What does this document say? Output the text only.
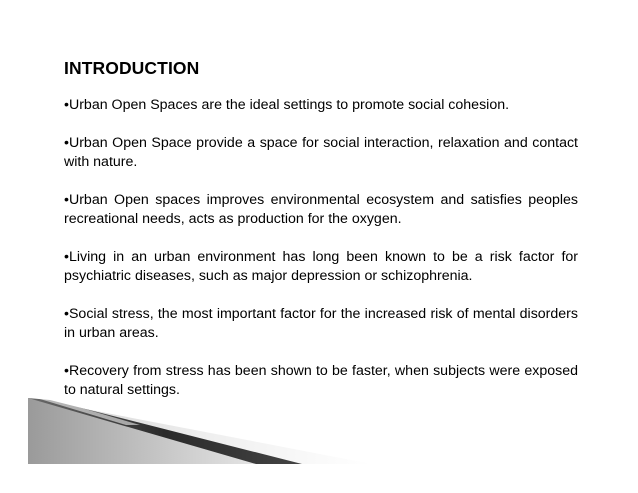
INTRODUCTION
•Urban Open Spaces are the ideal settings to promote social cohesion.
•Urban Open Space provide a space for social interaction, relaxation and contact with nature.
•Urban Open spaces improves environmental ecosystem and satisfies peoples recreational needs, acts as production for the oxygen.
•Living in an urban environment has long been known to be a risk factor for psychiatric diseases, such as major depression or schizophrenia.
•Social stress, the most important factor for the increased risk of mental disorders in urban areas.
•Recovery from stress has been shown to be faster, when subjects were exposed to natural settings.
